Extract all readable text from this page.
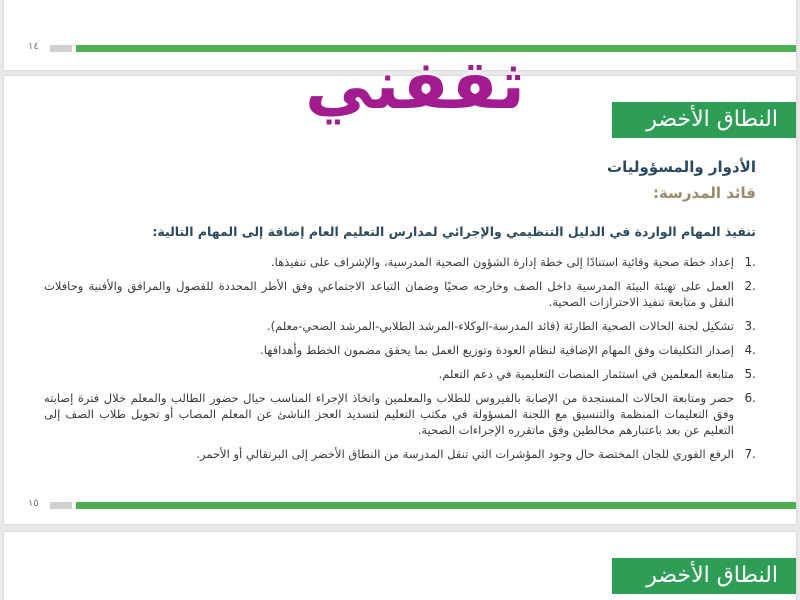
١٤
النطاق الأخضر
الأدوار والمسؤوليات
قائد المدرسة:
تنفيذ المهام الواردة في الدليل التنظيمي والإجرائي لمدارس التعليم العام إضافة إلى المهام التالية:
.1
إعداد خطة صحية وقائية استنادًا إلى خطة إدارة الشؤون الصحية المدرسية، والإشراف على تنفيذها.
.2
العمل على تهيئة البيئة المدرسية داخل الصف وخارجه صحيًا وضمان التباعد الاجتماعي وفق الأطر المحددة للفصول والمرافق والأفنية وحافلات النقل و متابعة تنفيذ الاحترازات الصحية.
.3
تشكيل لجنة الحالات الصحية الطارئة (قائد المدرسة-الوكلاء-المرشد الطلابي-المرشد الصحي-معلم).
.4
إصدار التكليفات وفق المهام الإضافية لنظام العودة وتوزيع العمل بما يحقق مضمون الخطط وأهدافها.
.5
متابعة المعلمين في استثمار المنصات التعليمية في دعم التعلم.
.6
حصر ومتابعة الحالات المستجدة من الإصابة بالفيروس للطلاب والمعلمين واتخاذ الإجراء المناسب حيال حضور الطالب والمعلم خلال فترة إصابته وفق التعليمات المنظمة والتنسيق مع اللجنة المسؤولة في مكتب التعليم لتسديد العجز الناشئ عن المعلم المصاب أو تحويل طلاب الصف إلى التعليم عن بعد باعتبارهم مخالطين وفق ماتقرره الإجراءات الصحية.
.7
الرفع الفوري للجان المختصة حال وجود المؤشرات التي تنقل المدرسة من النطاق الأخضر إلى البرتقالي أو الأحمر.
١٥
ثقفني
النطاق الأخضر
